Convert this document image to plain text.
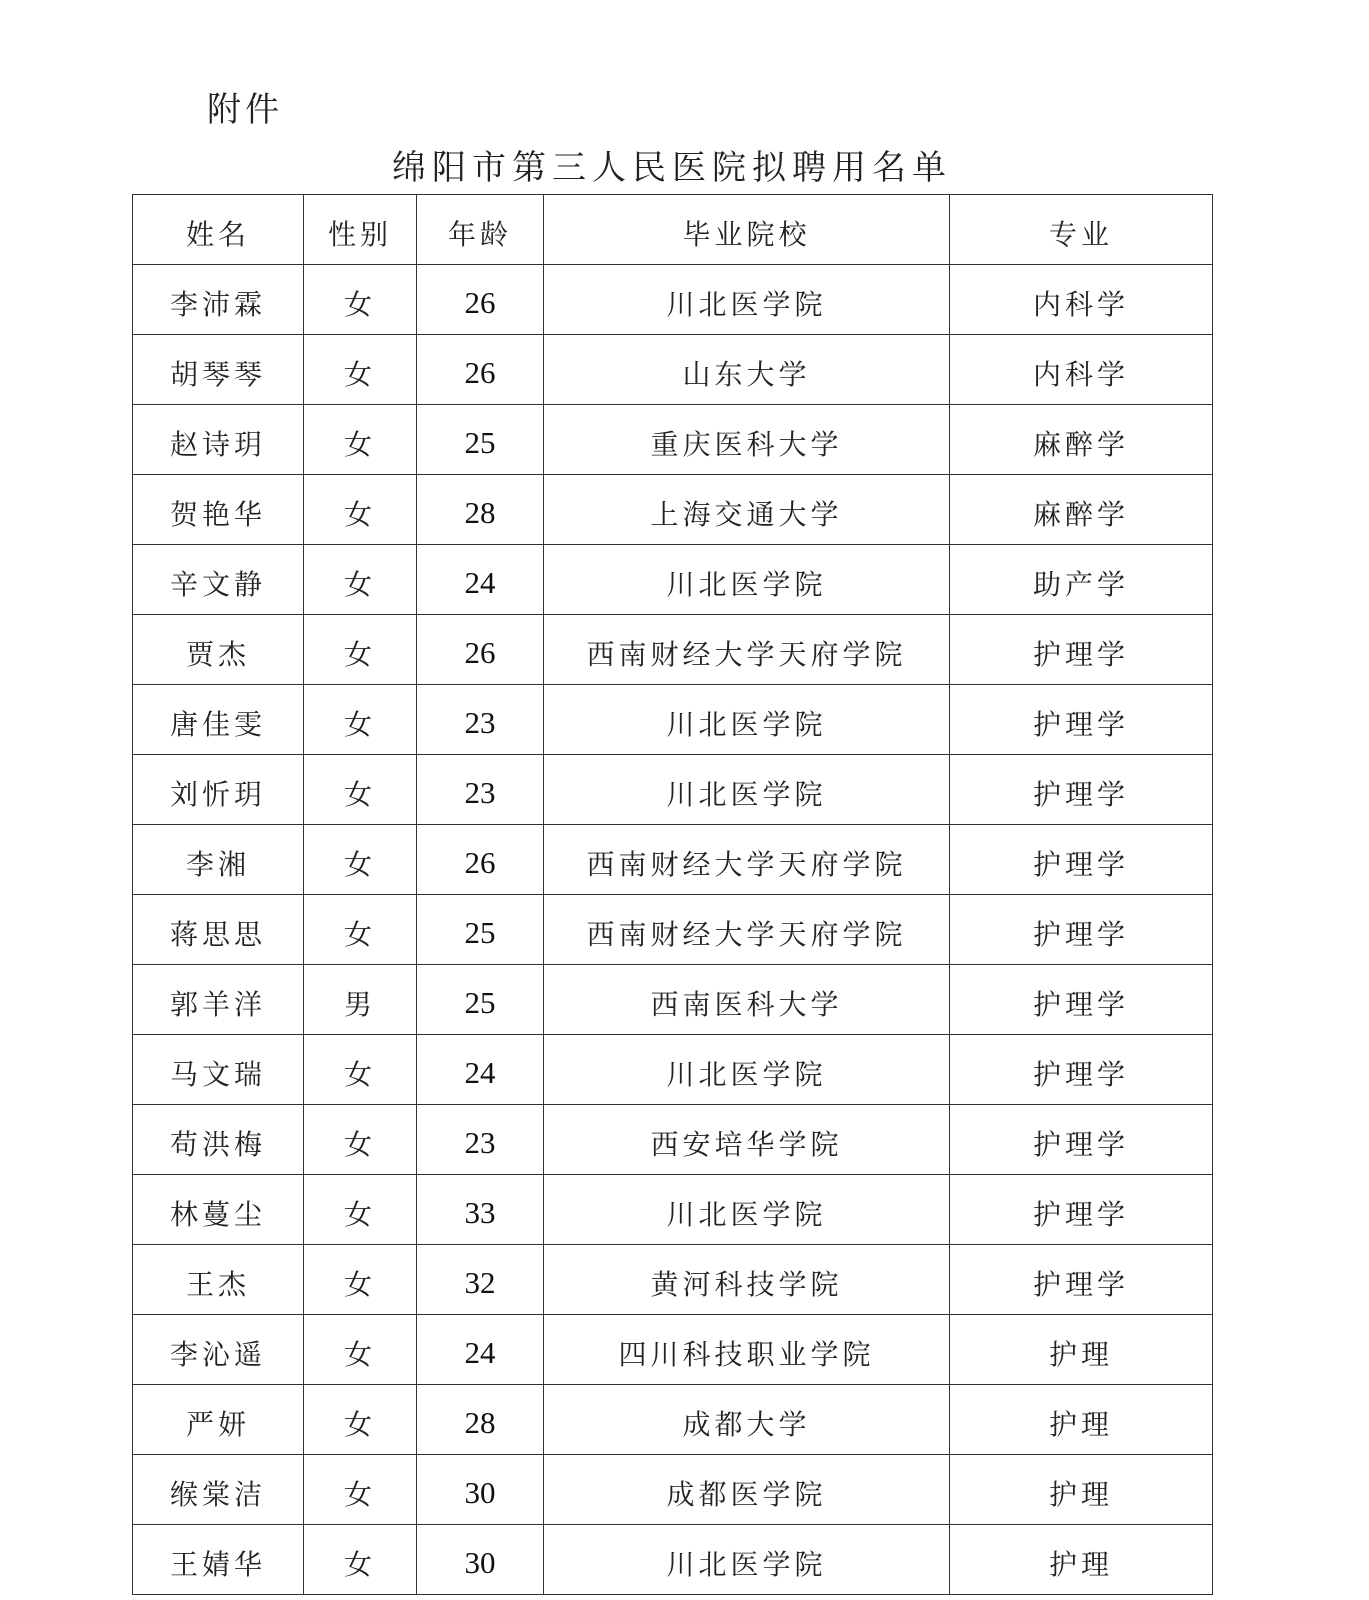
附件
绵阳市第三人民医院拟聘用名单
姓名	性别	年龄	毕业院校	专业
李沛霖	女	26	川北医学院	内科学
胡琴琴	女	26	山东大学	内科学
赵诗玥	女	25	重庆医科大学	麻醉学
贺艳华	女	28	上海交通大学	麻醉学
辛文静	女	24	川北医学院	助产学
贾杰	女	26	西南财经大学天府学院	护理学
唐佳雯	女	23	川北医学院	护理学
刘忻玥	女	23	川北医学院	护理学
李湘	女	26	西南财经大学天府学院	护理学
蒋思思	女	25	西南财经大学天府学院	护理学
郭羊洋	男	25	西南医科大学	护理学
马文瑞	女	24	川北医学院	护理学
苟洪梅	女	23	西安培华学院	护理学
林蔓尘	女	33	川北医学院	护理学
王杰	女	32	黄河科技学院	护理学
李沁遥	女	24	四川科技职业学院	护理
严妍	女	28	成都大学	护理
缑棠洁	女	30	成都医学院	护理
王婧华	女	30	川北医学院	护理
